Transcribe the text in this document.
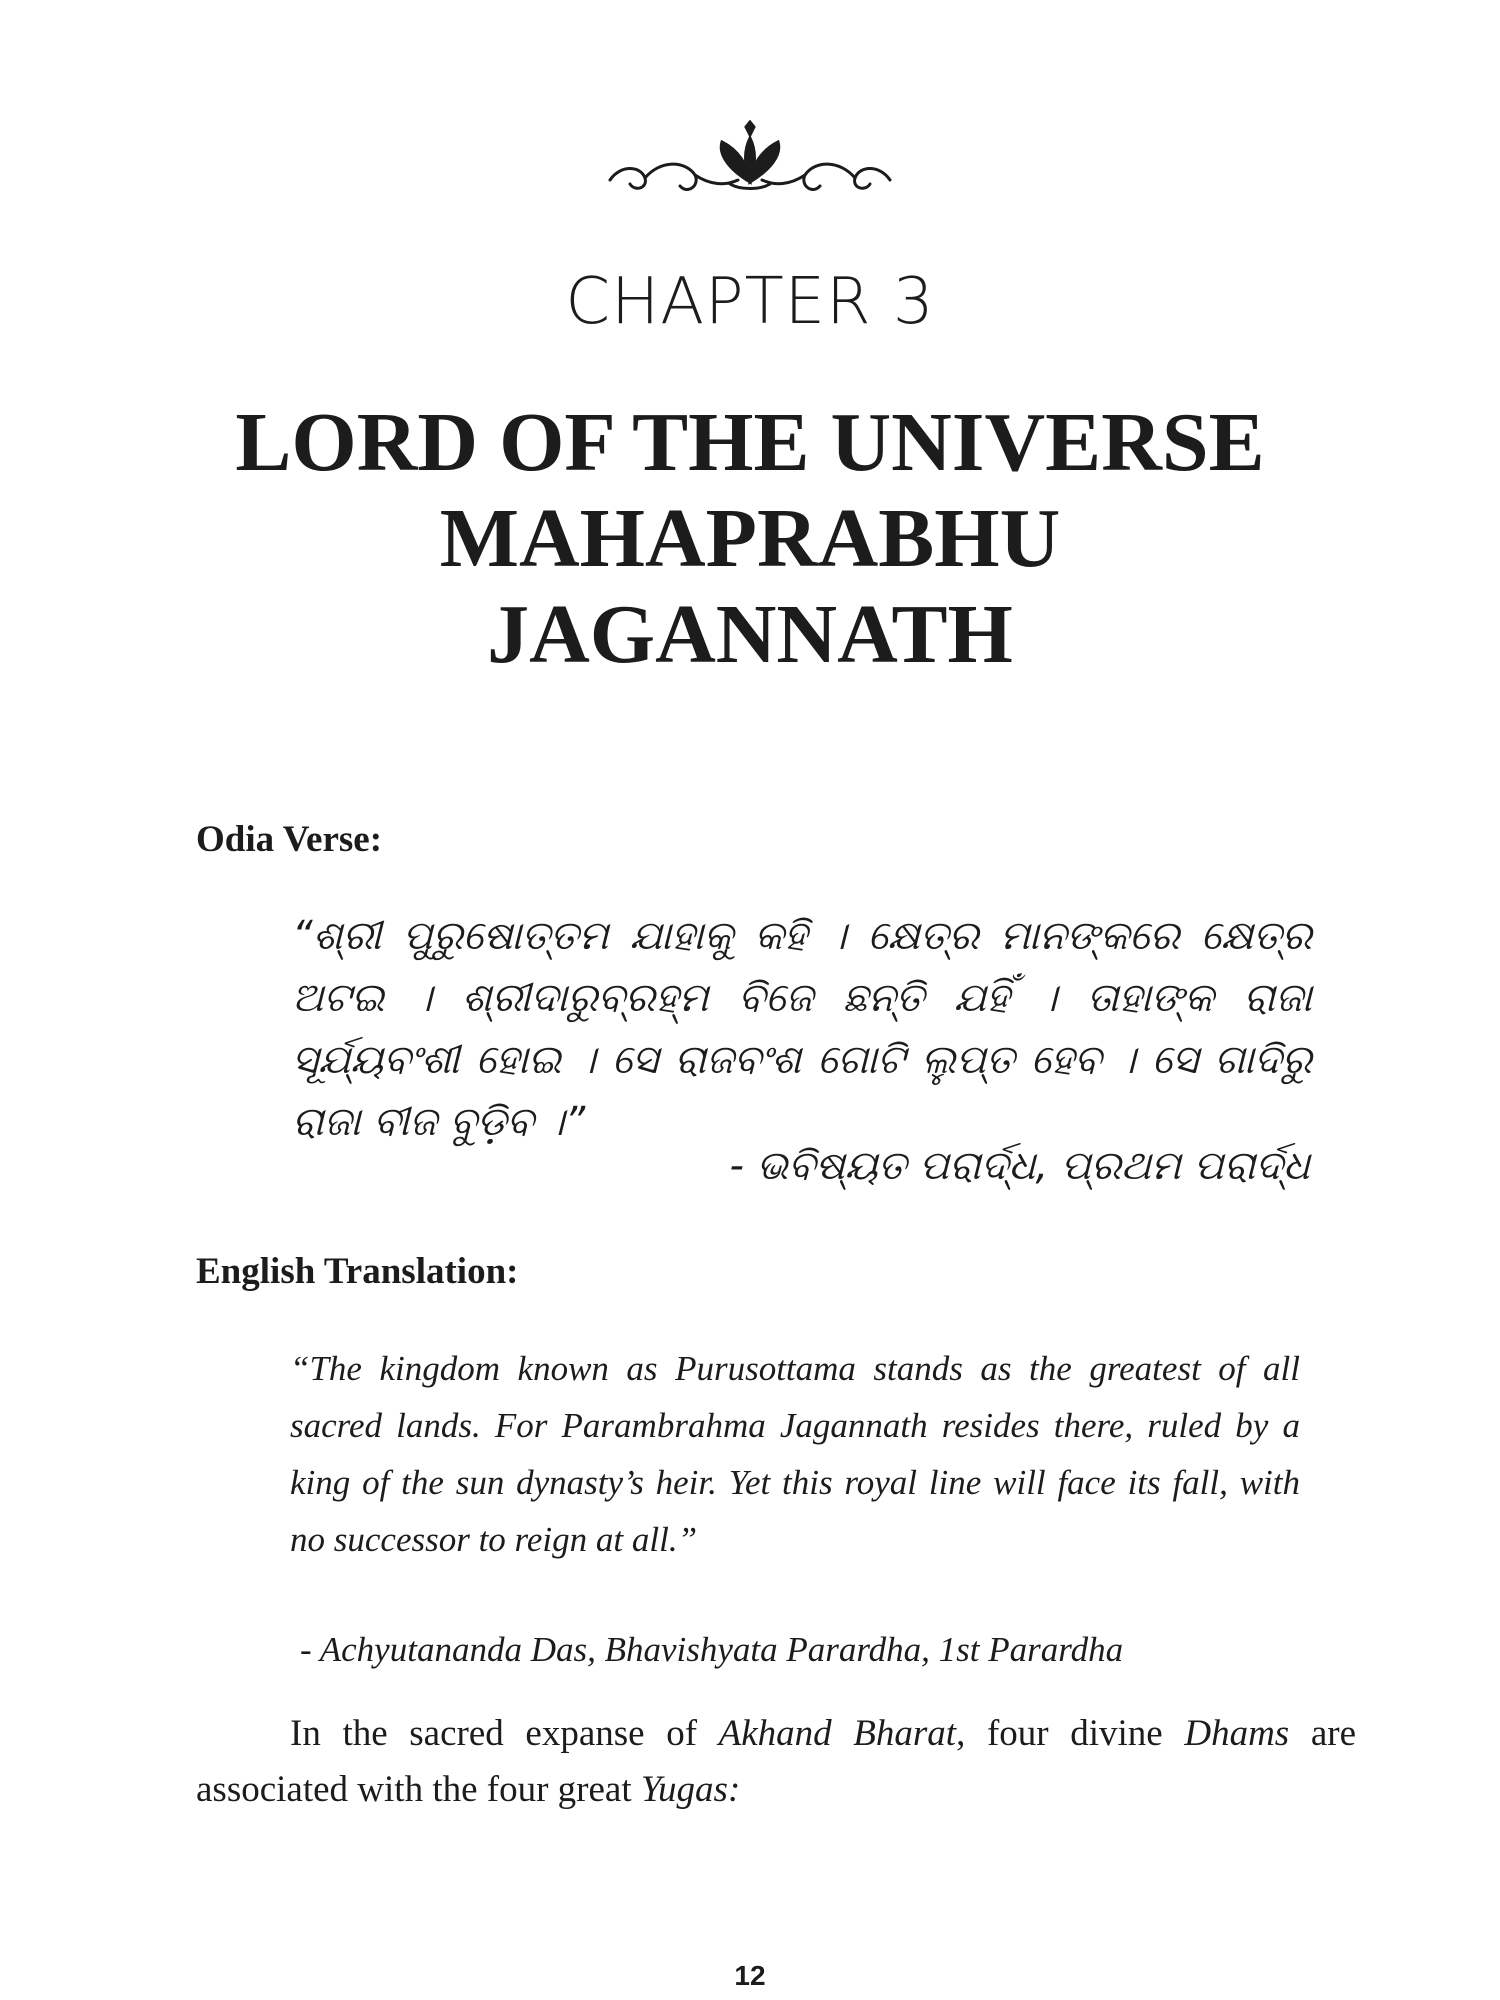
CHAPTER 3
LORD OF THE UNIVERSE
MAHAPRABHU
JAGANNATH
Odia Verse:
“ଶ୍ରୀ ପୁରୁଷୋତ୍ତମ ଯାହାକୁ କହି । କ୍ଷେତ୍ର ମାନଙ୍କରେ କ୍ଷେତ୍ର ଅଟଇ । ଶ୍ରୀଦାରୁବ୍ରହ୍ମ ବିଜେ ଛନ୍ତି ଯହିଁ । ତାହାଙ୍କ ରାଜା ସୂର୍ଯ୍ୟବଂଶୀ ହୋଇ । ସେ ରାଜବଂଶ ଗୋଟି ଲୁପ୍ତ ହେବ । ସେ ଗାଦିରୁ ରାଜା ବୀଜ ବୁଡ଼ିବ ।”
- ଭବିଷ୍ୟତ ପରାର୍ଦ୍ଧ, ପ୍ରଥମ ପରାର୍ଦ୍ଧ
English Translation:
“The kingdom known as Purusottama stands as the greatest of all sacred lands. For Parambrahma Jagannath resides there, ruled by a king of the sun dynasty’s heir. Yet this royal line will face its fall, with no successor to reign at all.”
- Achyutananda Das, Bhavishyata Parardha, 1st Parardha

In the sacred expanse of Akhand Bharat, four divine Dhams are associated with the four great Yugas:

12
